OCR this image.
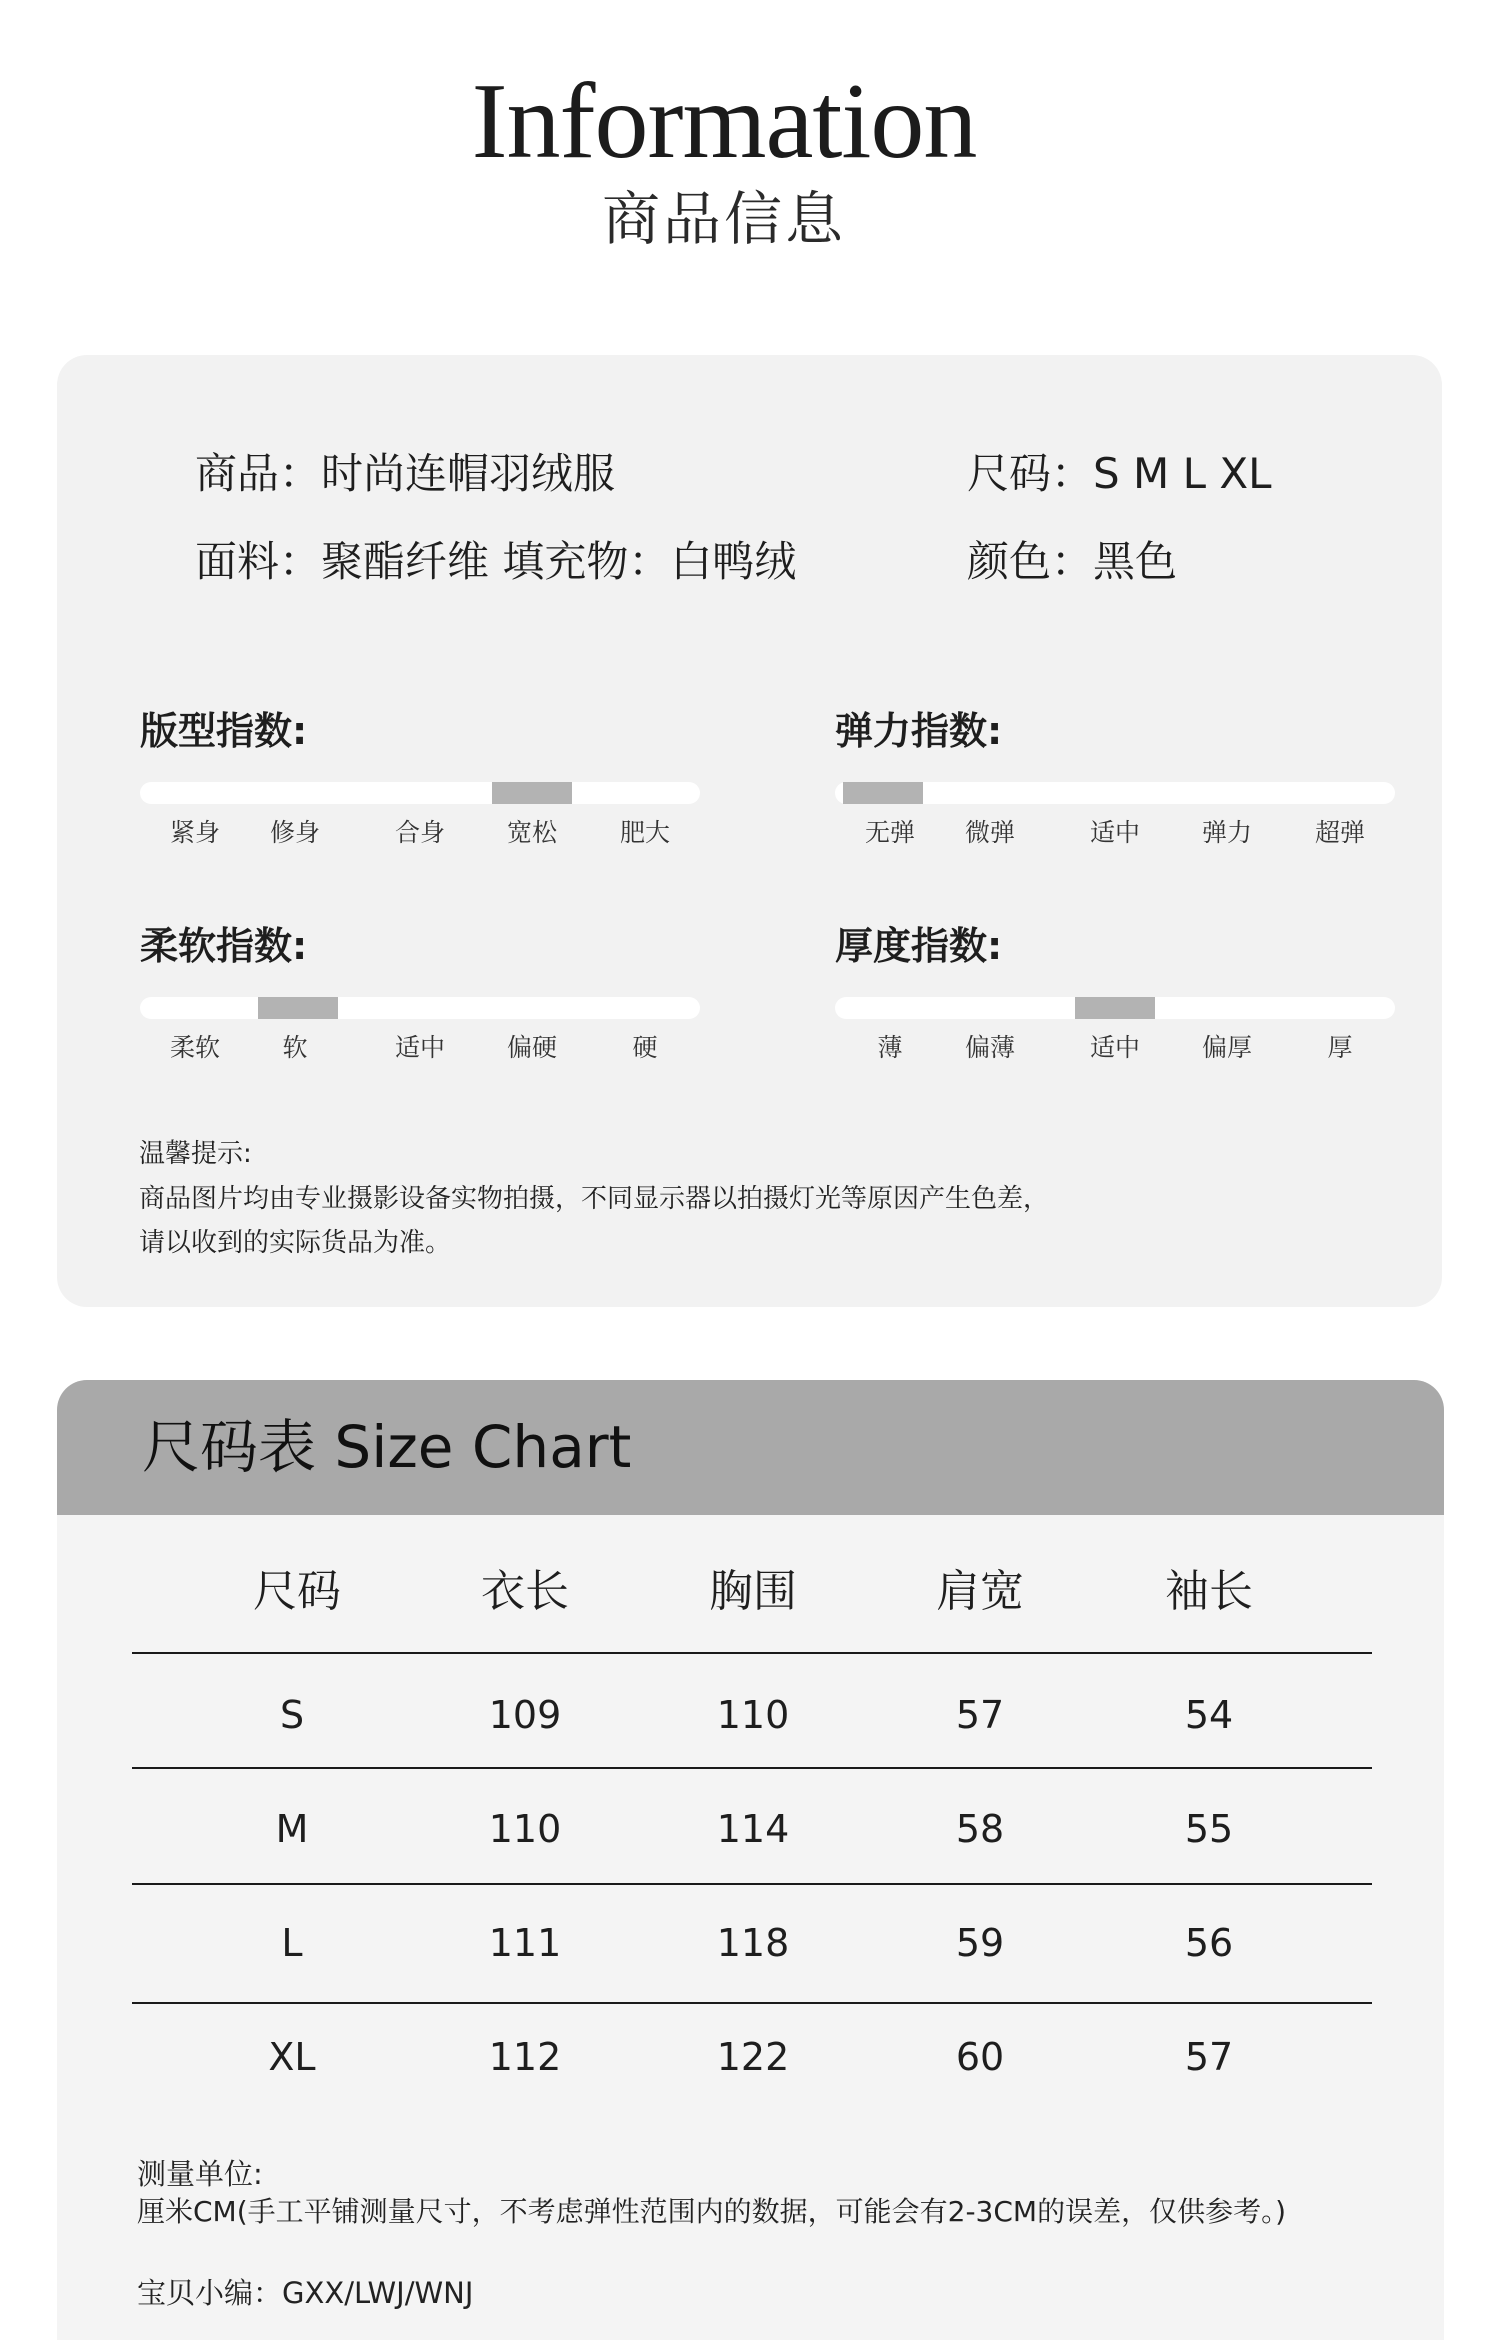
Information
商品信息
商品：时尚连帽羽绒服	尺码：S M L XL
面料：聚酯纤维 填充物：白鸭绒	颜色：黑色
版型指数:
紧身 修身	合身 宽松	肥大
弹力指数:
无弹 微弹	适中 弹力	超弹
柔软指数:
柔软 软	适中 偏硬	硬
厚度指数:
薄 偏薄	适中 偏厚	厚
温馨提示:
商品图片均由专业摄影设备实物拍摄，不同显示器以拍摄灯光等原因产生色差，
请以收到的实际货品为准。
尺码表 Size Chart
尺码	衣长	胸围	肩宽	袖长
S	109	110	57	54
M	110	114	58	55
L	111	118	59	56
XL	112	122	60	57
测量单位:
厘米CM(手工平铺测量尺寸，不考虑弹性范围内的数据，可能会有2-3CM的误差，仅供参考。)
宝贝小编：GXX/LWJ/WNJ
